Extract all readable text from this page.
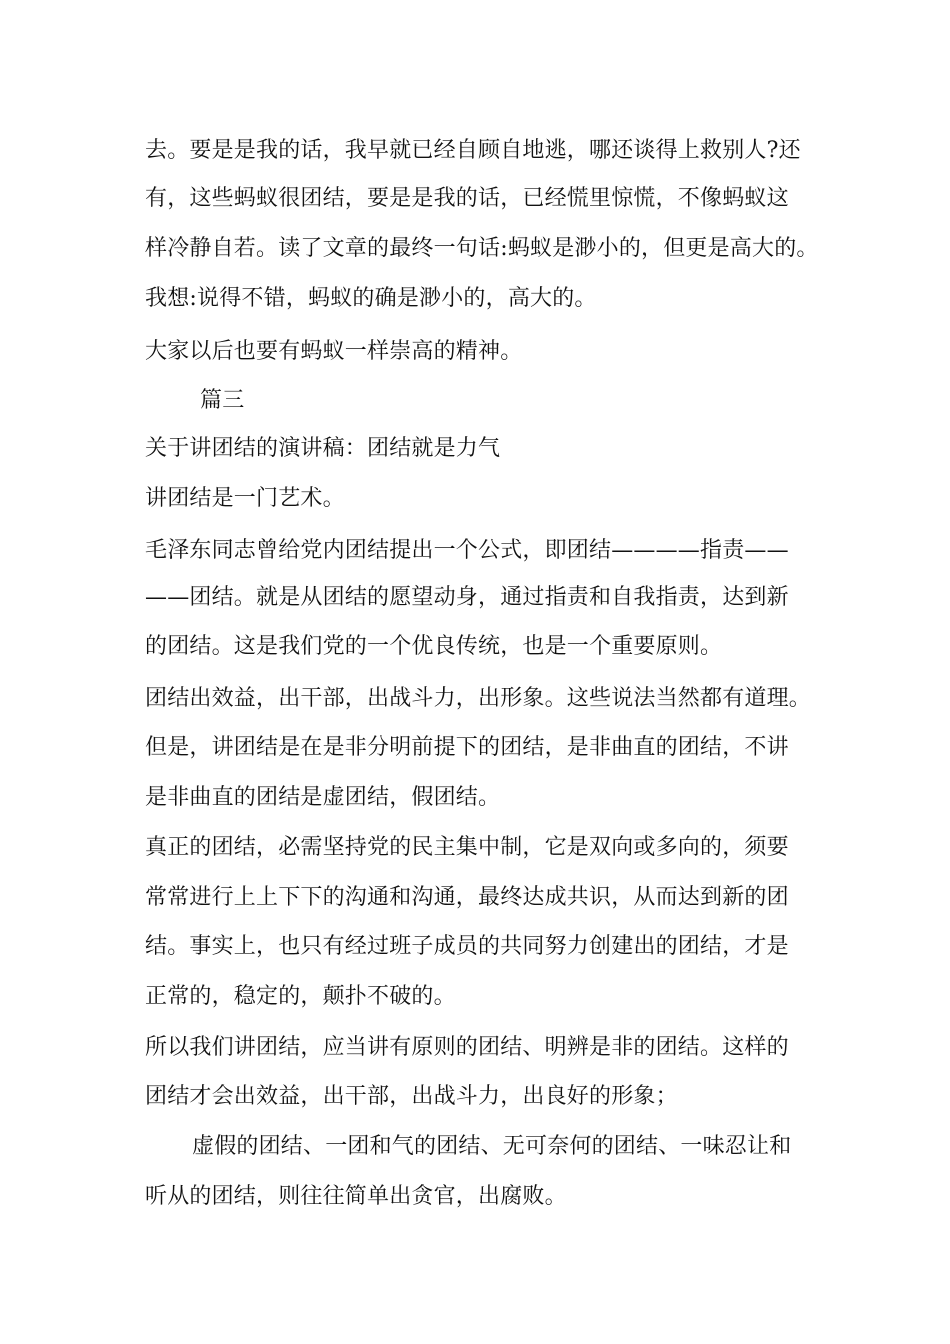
去。要是是我的话，我早就已经自顾自地逃，哪还谈得上救别人?还
有，这些蚂蚁很团结，要是是我的话，已经慌里惊慌，不像蚂蚁这
样冷静自若。读了文章的最终一句话:蚂蚁是渺小的，但更是高大的。
我想:说得不错，蚂蚁的确是渺小的，高大的。
大家以后也要有蚂蚁一样崇高的精神。
篇三
关于讲团结的演讲稿：团结就是力气
讲团结是一门艺术。
毛泽东同志曾给党内团结提出一个公式，即团结————指责——
——团结。就是从团结的愿望动身，通过指责和自我指责，达到新
的团结。这是我们党的一个优良传统，也是一个重要原则。
团结出效益，出干部，出战斗力，出形象。这些说法当然都有道理。
但是，讲团结是在是非分明前提下的团结，是非曲直的团结，不讲
是非曲直的团结是虚团结，假团结。
真正的团结，必需坚持党的民主集中制，它是双向或多向的，须要
常常进行上上下下的沟通和沟通，最终达成共识，从而达到新的团
结。事实上，也只有经过班子成员的共同努力创建出的团结，才是
正常的，稳定的，颠扑不破的。
所以我们讲团结，应当讲有原则的团结、明辨是非的团结。这样的
团结才会出效益，出干部，出战斗力，出良好的形象；
虚假的团结、一团和气的团结、无可奈何的团结、一味忍让和
听从的团结，则往往简单出贪官，出腐败。
